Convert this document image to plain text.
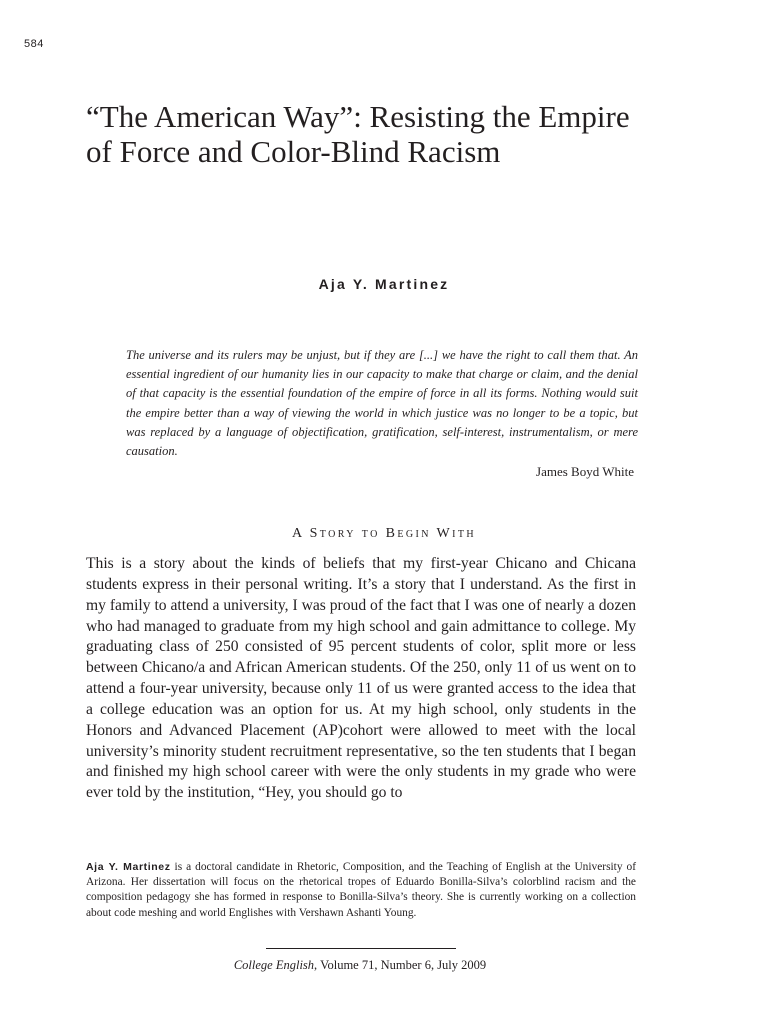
584
“The American Way”: Resisting the Empire of Force and Color-Blind Racism
Aja Y. Martinez

The universe and its rulers may be unjust, but if they are [...] we have the right to call them that. An essential ingredient of our humanity lies in our capacity to make that charge or claim, and the denial of that capacity is the essential foundation of the empire of force in all its forms. Nothing would suit the empire better than a way of viewing the world in which justice was no longer to be a topic, but was replaced by a language of objectification, gratification, self-interest, instrumentalism, or mere causation.

James Boyd White
A Story to Begin With

This is a story about the kinds of beliefs that my first-year Chicano and Chicana students express in their personal writing. It’s a story that I understand. As the first in my family to attend a university, I was proud of the fact that I was one of nearly a dozen who had managed to graduate from my high school and gain admittance to college. My graduating class of 250 consisted of 95 percent students of color, split more or less between Chicano/a and African American students. Of the 250, only 11 of us went on to attend a four-year university, because only 11 of us were granted access to the idea that a college education was an option for us. At my high school, only students in the Honors and Advanced Placement (AP)cohort were allowed to meet with the local university’s minority student recruitment representative, so the ten students that I began and finished my high school career with were the only students in my grade who were ever told by the institution, “Hey, you should go to

Aja Y. Martinez is a doctoral candidate in Rhetoric, Composition, and the Teaching of English at the University of Arizona. Her dissertation will focus on the rhetorical tropes of Eduardo Bonilla-Silva’s colorblind racism and the composition pedagogy she has formed in response to Bonilla-Silva’s theory. She is currently working on a collection about code meshing and world Englishes with Vershawn Ashanti Young.

College English, Volume 71, Number 6, July 2009
